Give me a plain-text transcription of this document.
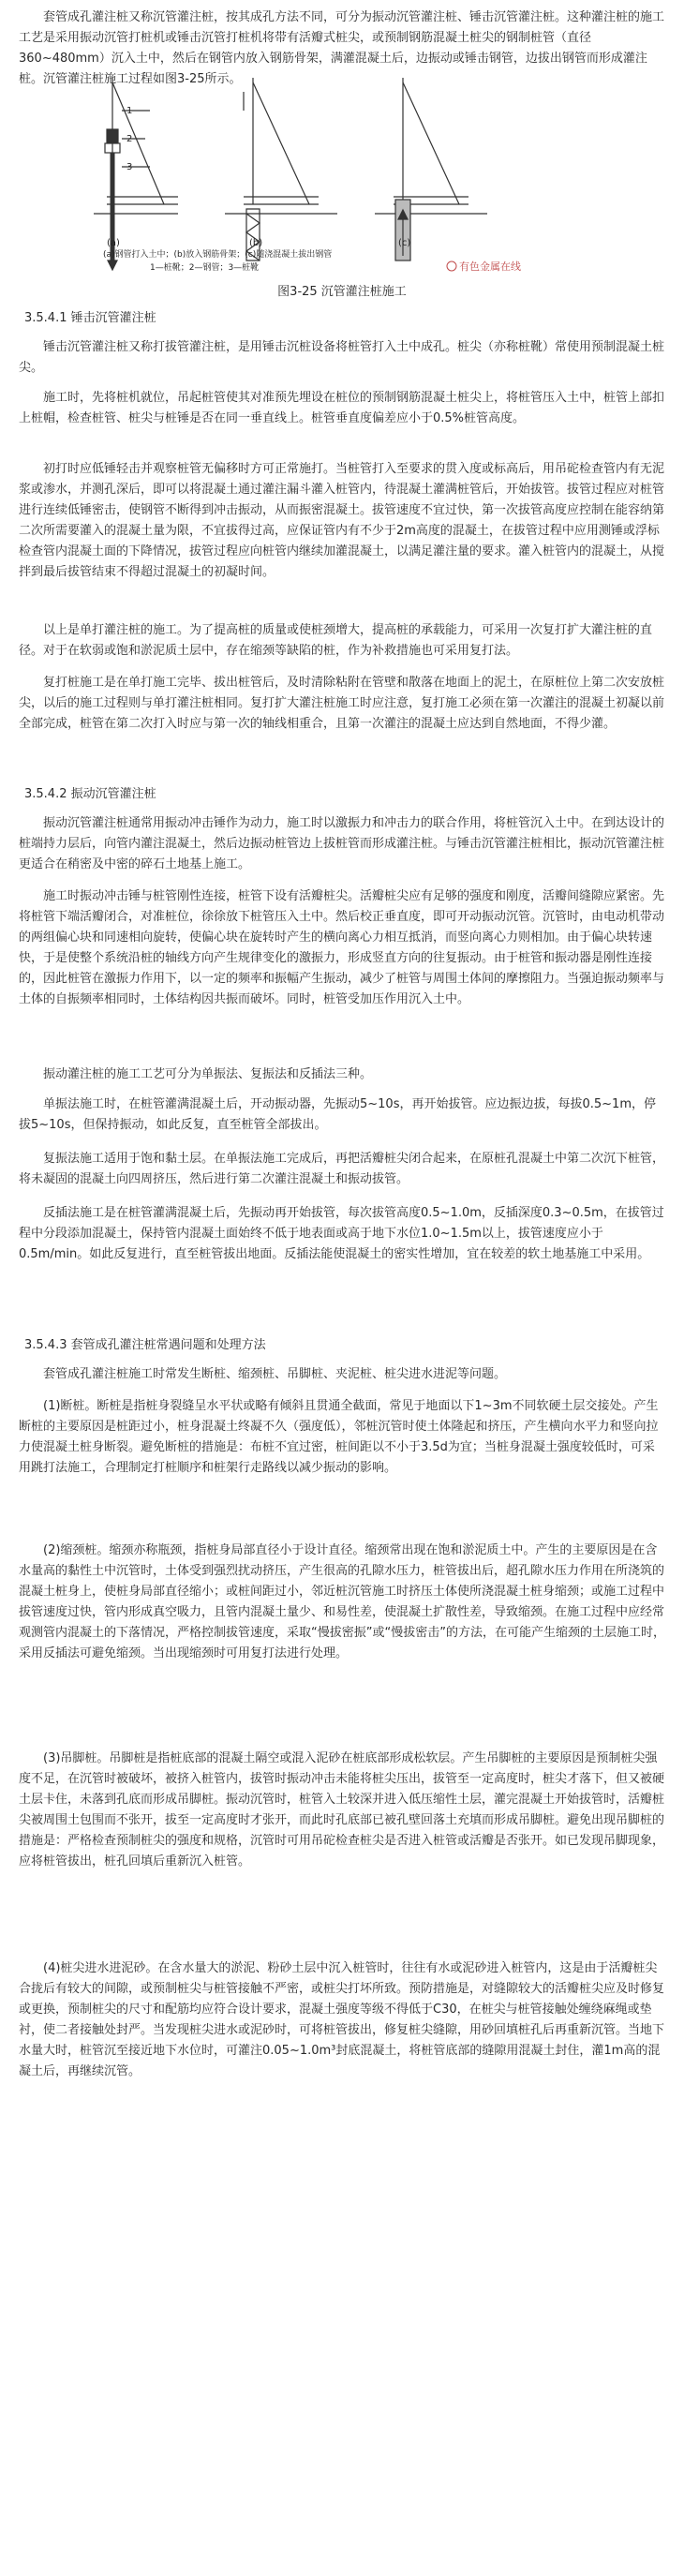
套管成孔灌注桩又称沉管灌注桩，按其成孔方法不同，可分为振动沉管灌注桩、锤击沉管灌注桩。这种灌注桩的施工工艺是采用振动沉管打桩机或锤击沉管打桩机将带有活瓣式桩尖，或预制钢筋混凝土桩尖的钢制桩管（直径360~480mm）沉入土中，然后在钢管内放入钢筋骨架，满灌混凝土后，边振动或锤击钢管，边拔出钢管而形成灌注桩。沉管灌注桩施工过程如图3-25所示。

1
2
3
(a)	(b)	(c)
(a)钢管打入土中；(b)放入钢筋骨架；(c)随浇混凝土拔出钢管
1—桩靴；2—钢管；3—桩靴	有色金属在线
图3-25 沉管灌注桩施工
3.5.4.1 锤击沉管灌注桩

锤击沉管灌注桩又称打拔管灌注桩，是用锤击沉桩设备将桩管打入土中成孔。桩尖（亦称桩靴）常使用预制混凝土桩尖。

施工时，先将桩机就位，吊起桩管使其对准预先埋设在桩位的预制钢筋混凝土桩尖上，将桩管压入土中，桩管上部扣上桩帽，检查桩管、桩尖与桩锤是否在同一垂直线上。桩管垂直度偏差应小于0.5%桩管高度。

初打时应低锤轻击并观察桩管无偏移时方可正常施打。当桩管打入至要求的贯入度或标高后，用吊砣检查管内有无泥浆或渗水，并测孔深后，即可以将混凝土通过灌注漏斗灌入桩管内，待混凝土灌满桩管后，开始拔管。拔管过程应对桩管进行连续低锤密击，使钢管不断得到冲击振动，从而振密混凝土。拔管速度不宜过快，第一次拔管高度应控制在能容纳第二次所需要灌入的混凝土量为限，不宜拔得过高，应保证管内有不少于2m高度的混凝土，在拔管过程中应用测锤或浮标检查管内混凝土面的下降情况，拔管过程应向桩管内继续加灌混凝土，以满足灌注量的要求。灌入桩管内的混凝土，从搅拌到最后拔管结束不得超过混凝土的初凝时间。

以上是单打灌注桩的施工。为了提高桩的质量或使桩颈增大，提高桩的承载能力，可采用一次复打扩大灌注桩的直径。对于在软弱或饱和淤泥质土层中，存在缩颈等缺陷的桩，作为补救措施也可采用复打法。

复打桩施工是在单打施工完毕、拔出桩管后，及时清除粘附在管壁和散落在地面上的泥土，在原桩位上第二次安放桩尖，以后的施工过程则与单打灌注桩相同。复打扩大灌注桩施工时应注意，复打施工必须在第一次灌注的混凝土初凝以前全部完成，桩管在第二次打入时应与第一次的轴线相重合，且第一次灌注的混凝土应达到自然地面，不得少灌。

3.5.4.2 振动沉管灌注桩

振动沉管灌注桩通常用振动冲击锤作为动力，施工时以激振力和冲击力的联合作用，将桩管沉入土中。在到达设计的桩端持力层后，向管内灌注混凝土，然后边振动桩管边上拔桩管而形成灌注桩。与锤击沉管灌注桩相比，振动沉管灌注桩更适合在稍密及中密的碎石土地基上施工。

施工时振动冲击锤与桩管刚性连接，桩管下设有活瓣桩尖。活瓣桩尖应有足够的强度和刚度，活瓣间缝隙应紧密。先将桩管下端活瓣闭合，对准桩位，徐徐放下桩管压入土中。然后校正垂直度，即可开动振动沉管。沉管时，由电动机带动的两组偏心块和同速相向旋转，使偏心块在旋转时产生的横向离心力相互抵消，而竖向离心力则相加。由于偏心块转速快，于是使整个系统沿桩的轴线方向产生规律变化的激振力，形成竖直方向的往复振动。由于桩管和振动器是刚性连接的，因此桩管在激振力作用下，以一定的频率和振幅产生振动，减少了桩管与周围土体间的摩擦阻力。当强迫振动频率与土体的自振频率相同时，土体结构因共振而破坏。同时，桩管受加压作用沉入土中。

振动灌注桩的施工工艺可分为单振法、复振法和反插法三种。

单振法施工时，在桩管灌满混凝土后，开动振动器，先振动5~10s，再开始拔管。应边振边拔，每拔0.5~1m，停拔5~10s，但保持振动，如此反复，直至桩管全部拔出。

复振法施工适用于饱和黏土层。在单振法施工完成后，再把活瓣桩尖闭合起来，在原桩孔混凝土中第二次沉下桩管，将未凝固的混凝土向四周挤压，然后进行第二次灌注混凝土和振动拔管。

反插法施工是在桩管灌满混凝土后，先振动再开始拔管，每次拔管高度0.5~1.0m，反插深度0.3~0.5m，在拔管过程中分段添加混凝土，保持管内混凝土面始终不低于地表面或高于地下水位1.0~1.5m以上，拔管速度应小于0.5m/min。如此反复进行，直至桩管拔出地面。反插法能使混凝土的密实性增加，宜在较差的软土地基施工中采用。

3.5.4.3 套管成孔灌注桩常遇问题和处理方法

套管成孔灌注桩施工时常发生断桩、缩颈桩、吊脚桩、夹泥桩、桩尖进水进泥等问题。

(1)断桩。断桩是指桩身裂缝呈水平状或略有倾斜且贯通全截面，常见于地面以下1~3m不同软硬土层交接处。产生断桩的主要原因是桩距过小，桩身混凝土终凝不久（强度低），邻桩沉管时使土体隆起和挤压，产生横向水平力和竖向拉力使混凝土桩身断裂。避免断桩的措施是：布桩不宜过密，桩间距以不小于3.5d为宜；当桩身混凝土强度较低时，可采用跳打法施工，合理制定打桩顺序和桩架行走路线以减少振动的影响。

(2)缩颈桩。缩颈亦称瓶颈，指桩身局部直径小于设计直径。缩颈常出现在饱和淤泥质土中。产生的主要原因是在含水量高的黏性土中沉管时，土体受到强烈扰动挤压，产生很高的孔隙水压力，桩管拔出后，超孔隙水压力作用在所浇筑的混凝土桩身上，使桩身局部直径缩小；或桩间距过小，邻近桩沉管施工时挤压土体使所浇混凝土桩身缩颈；或施工过程中拔管速度过快，管内形成真空吸力，且管内混凝土量少、和易性差，使混凝土扩散性差，导致缩颈。在施工过程中应经常观测管内混凝土的下落情况，严格控制拔管速度，采取“慢拔密振”或“慢拔密击”的方法，在可能产生缩颈的土层施工时，采用反插法可避免缩颈。当出现缩颈时可用复打法进行处理。

(3)吊脚桩。吊脚桩是指桩底部的混凝土隔空或混入泥砂在桩底部形成松软层。产生吊脚桩的主要原因是预制桩尖强度不足，在沉管时被破坏，被挤入桩管内，拔管时振动冲击未能将桩尖压出，拔管至一定高度时，桩尖才落下，但又被硬土层卡住，未落到孔底而形成吊脚桩。振动沉管时，桩管入土较深并进入低压缩性土层，灌完混凝土开始拔管时，活瓣桩尖被周围土包围而不张开，拔至一定高度时才张开，而此时孔底部已被孔壁回落土充填而形成吊脚桩。避免出现吊脚桩的措施是：严格检查预制桩尖的强度和规格，沉管时可用吊砣检查桩尖是否进入桩管或活瓣是否张开。如已发现吊脚现象，应将桩管拔出，桩孔回填后重新沉入桩管。

(4)桩尖进水进泥砂。在含水量大的淤泥、粉砂土层中沉入桩管时，往往有水或泥砂进入桩管内，这是由于活瓣桩尖合拢后有较大的间隙，或预制桩尖与桩管接触不严密，或桩尖打坏所致。预防措施是，对缝隙较大的活瓣桩尖应及时修复或更换，预制桩尖的尺寸和配筋均应符合设计要求，混凝土强度等级不得低于C30，在桩尖与桩管接触处缠绕麻绳或垫衬，使二者接触处封严。当发现桩尖进水或泥砂时，可将桩管拔出，修复桩尖缝隙，用砂回填桩孔后再重新沉管。当地下水量大时，桩管沉至接近地下水位时，可灌注0.05~1.0m³封底混凝土，将桩管底部的缝隙用混凝土封住，灌1m高的混凝土后，再继续沉管。
